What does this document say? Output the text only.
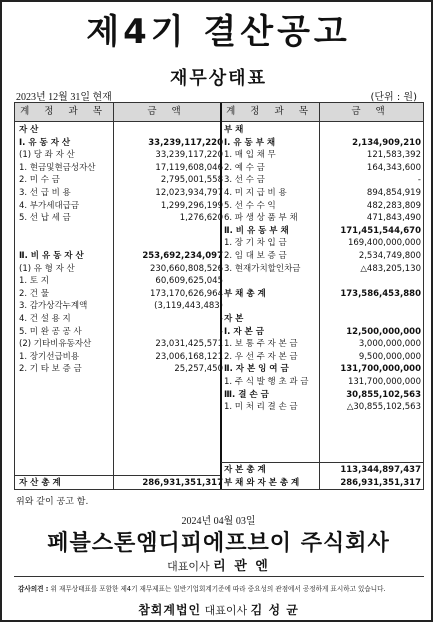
제4기 결산공고
재무상태표
2023년 12월 31일 현재	(단위 : 원)
계 정 과 목	금 액	계 정 과 목	금 액
자 산
Ⅰ. 유 동 자 산	33,239,117,220
(1) 당 좌 자 산	33,239,117,220
1. 현금및현금성자산	17,119,608,046
2. 미 수 금	2,795,001,558
3. 선 급 비 용	12,023,934,797
4. 부가세대급금	1,299,296,199
5. 선 납 세 금	1,276,620
Ⅱ. 비 유 동 자 산	253,692,234,097
(1) 유 형 자 산	230,660,808,526
1. 토 지	60,609,625,045
2. 건 물	173,170,626,964
3. 감가상각누계액	(3,119,443,483)
4. 건 설 용 지	-
5. 미 완 공 공 사	-
(2) 기타비유동자산	23,031,425,571
1. 장기선급비용	23,006,168,121
2. 기 타 보 증 금	25,257,450
자 산 총 계	286,931,351,317
부 채
Ⅰ. 유 동 부 채	2,134,909,210
1. 매 입 채 무	121,583,392
2. 예 수 금	164,343,600
3. 선 수 금	-
4. 미 지 급 비 용	894,854,919
5. 선 수 수 익	482,283,809
6. 파 생 상 품 부 채	471,843,490
Ⅱ. 비 유 동 부 채	171,451,544,670
1. 장 기 차 입 금	169,400,000,000
2. 임 대 보 증 금	2,534,749,800
3. 현재가치할인차금	△483,205,130
부 채 총 계	173,586,453,880
자 본
Ⅰ. 자 본 금	12,500,000,000
1. 보 통 주 자 본 금	3,000,000,000
2. 우 선 주 자 본 금	9,500,000,000
Ⅱ. 자 본 잉 여 금	131,700,000,000
1. 주 식 발 행 초 과 금	131,700,000,000
Ⅲ. 결 손 금	30,855,102,563
1. 미 처 리 결 손 금	△30,855,102,563
자 본 총 계	113,344,897,437
부 채 와 자 본 총 계	286,931,351,317
위와 같이 공고 함.
2024년 04월 03일
페블스톤엠디피에프브이 주식회사
대표이사 리 관 엔
감사의견 : 위 재무상태표를 포함한 제4기 재무제표는 일반기업회계기준에 따라 중요성의 관점에서 공정하게 표시하고 있습니다.
참회계법인 대표이사 김 성 균
